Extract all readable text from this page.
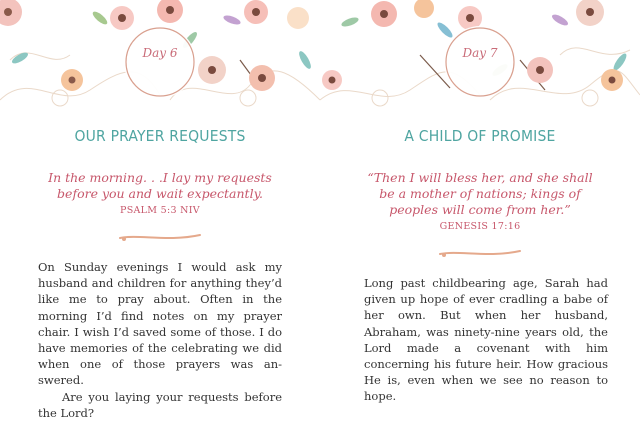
Day 6
OUR PRAYER REQUESTS
In the morning. . .I lay my requests
before you and wait expectantly.
PSALM 5:3 NIV

On Sunday evenings I would ask my husband and children for anything they’d like me to pray about. Often in the morning I’d find notes on my prayer chair. I wish I’d saved some of those. I do have memories of the celebrating we did when one of those prayers was an-swered.

Are you laying your requests before the Lord?

Day 7
A CHILD OF PROMISE
“Then I will bless her, and she shall
be a mother of nations; kings of
peoples will come from her.”
GENESIS 17:16

Long past childbearing age, Sarah had given up hope of ever cradling a babe of her own. But when her husband, Abraham, was ninety-nine years old, the Lord made a covenant with him concerning his future heir. How gracious He is, even when we see no reason to hope.
